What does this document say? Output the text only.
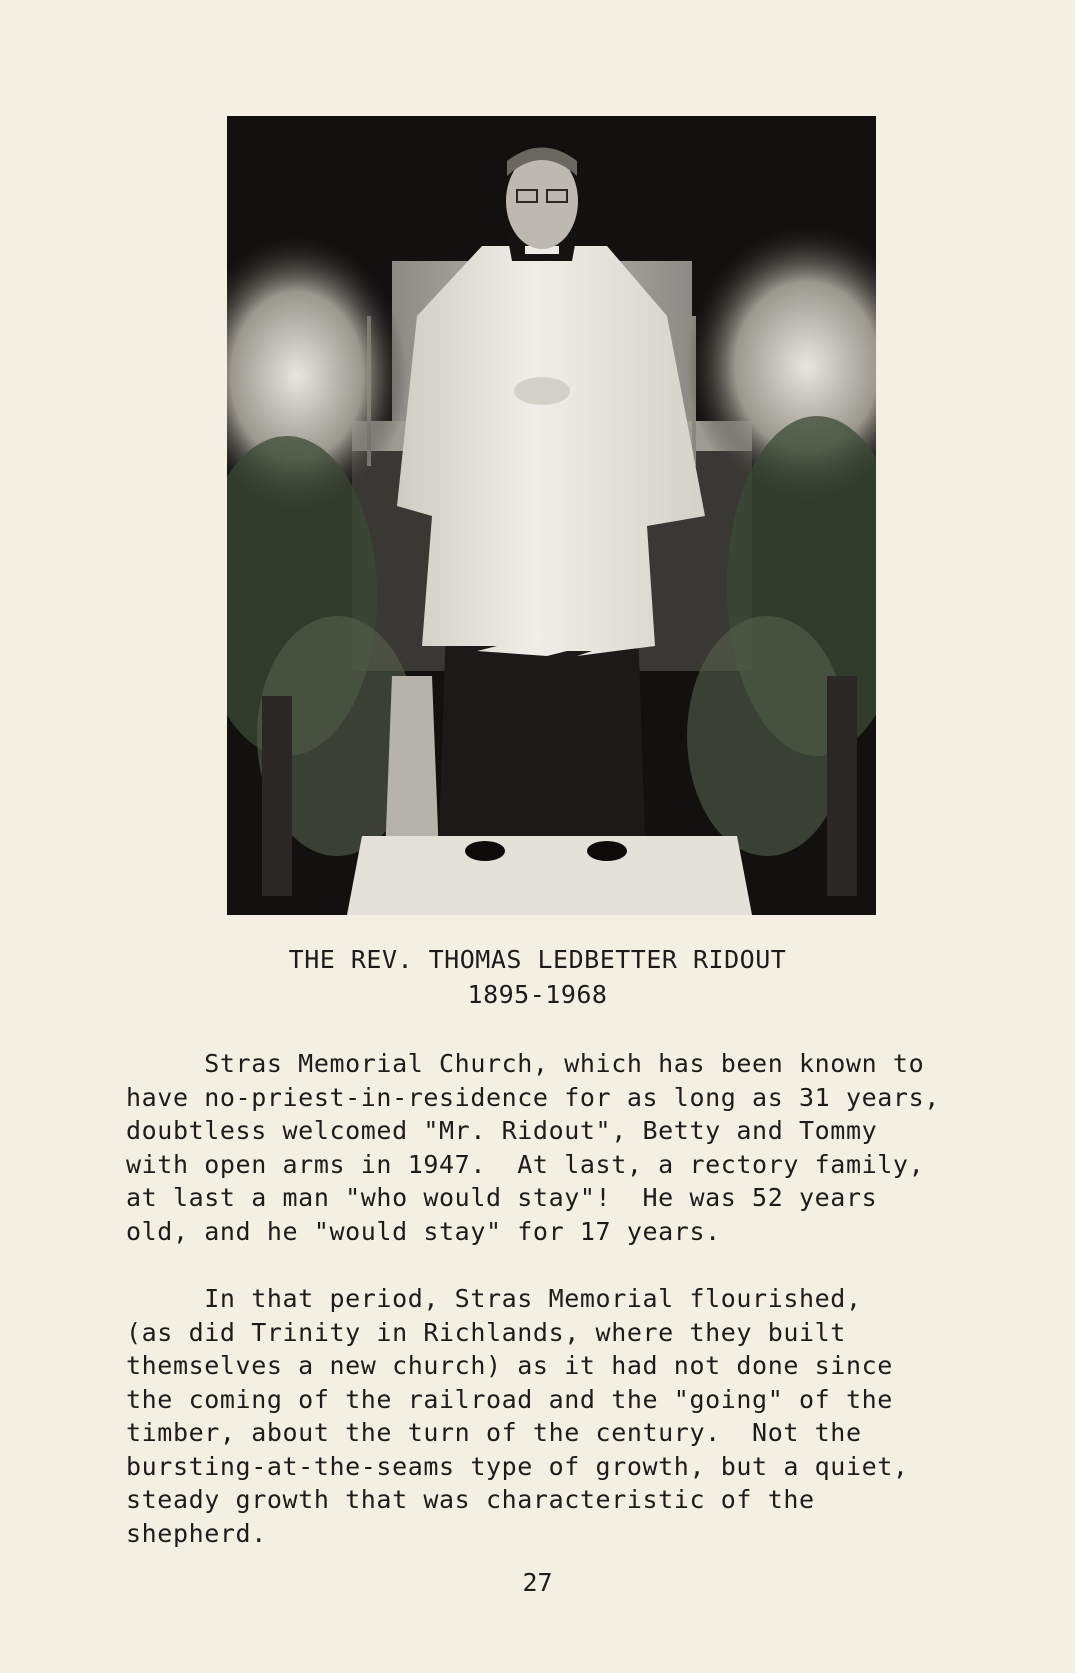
THE REV. THOMAS LEDBETTER RIDOUT
1895-1968
Stras Memorial Church, which has been known to
have no-priest-in-residence for as long as 31 years,
doubtless welcomed "Mr. Ridout", Betty and Tommy
with open arms in 1947.  At last, a rectory family,
at last a man "who would stay"!  He was 52 years
old, and he "would stay" for 17 years.
In that period, Stras Memorial flourished,
(as did Trinity in Richlands, where they built
themselves a new church) as it had not done since
the coming of the railroad and the "going" of the
timber, about the turn of the century.  Not the
bursting-at-the-seams type of growth, but a quiet,
steady growth that was characteristic of the
shepherd.
27
